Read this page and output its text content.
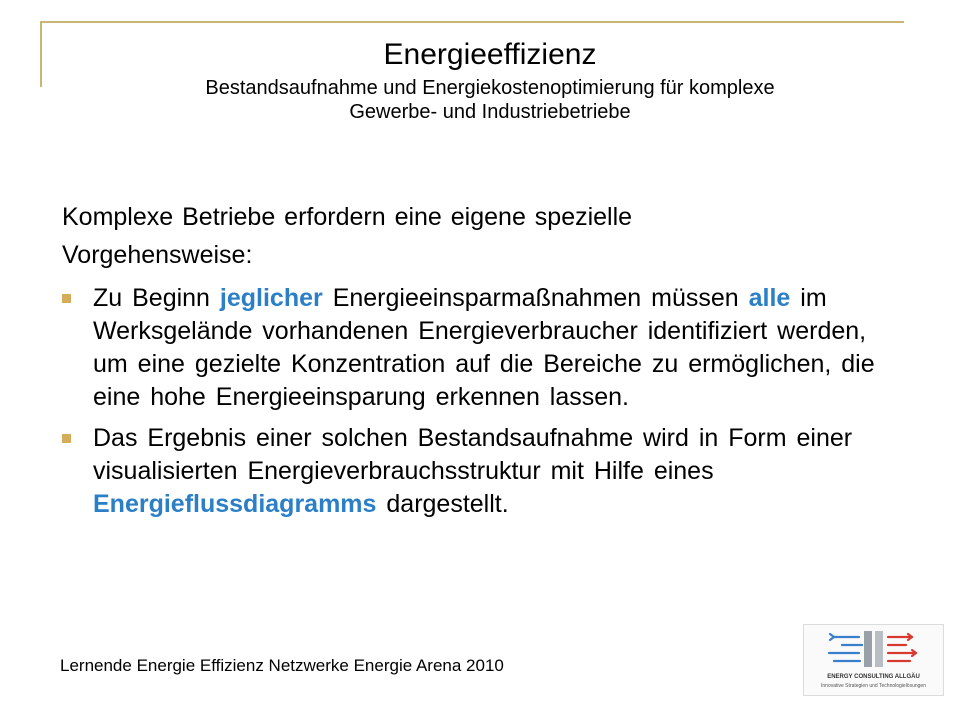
Energieeffizienz
Bestandsaufnahme und Energiekostenoptimierung für komplexe
Gewerbe- und Industriebetriebe
Komplexe Betriebe erfordern eine eigene spezielle
Vorgehensweise:
Zu Beginn jeglicher Energieeinsparmaßnahmen müssen alle im Werksgelände vorhandenen Energieverbraucher identifiziert werden, um eine gezielte Konzentration auf die Bereiche zu ermöglichen, die eine hohe Energieeinsparung erkennen lassen.
Das Ergebnis einer solchen Bestandsaufnahme wird in Form einer visualisierten Energieverbrauchsstruktur mit Hilfe eines Energieflussdiagramms dargestellt.
Lernende Energie Effizienz Netzwerke Energie Arena 2010
ENERGY CONSULTING ALLGÄU
Innovative Strategien und Technologielösungen
